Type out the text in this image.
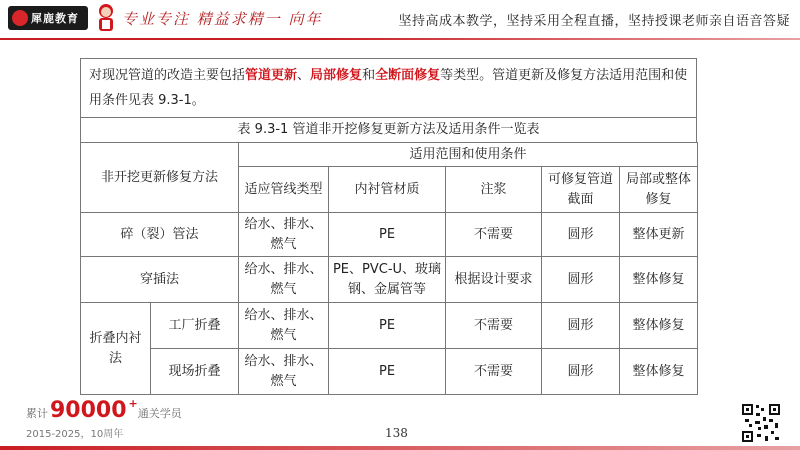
犀鹿教育	专业专注 精益求精一 向年	坚持高成本教学，坚持采用全程直播，坚持授课老师亲自语音答疑
对现况管道的改造主要包括管道更新、局部修复和全断面修复等类型。管道更新及修复方法适用范围和使用条件见表 9.3-1。
表 9.3-1 管道非开挖修复更新方法及适用条件一览表
非开挖更新修复方法		适用范围和使用条件				
		适应管线类型	内衬管材质	注浆	可修复管道截面	局部或整体修复
碎（裂）管法		给水、排水、燃气	PE	不需要	圆形	整体更新
穿插法		给水、排水、燃气	PE、PVC-U、玻璃钢、金属管等	根据设计要求	圆形	整体修复
折叠内衬法	工厂折叠	给水、排水、燃气	PE	不需要	圆形	整体修复
	现场折叠	给水、排水、燃气	PE	不需要	圆形	整体修复
累计 90000 +
通关学员
2015-2025，10周年	138
